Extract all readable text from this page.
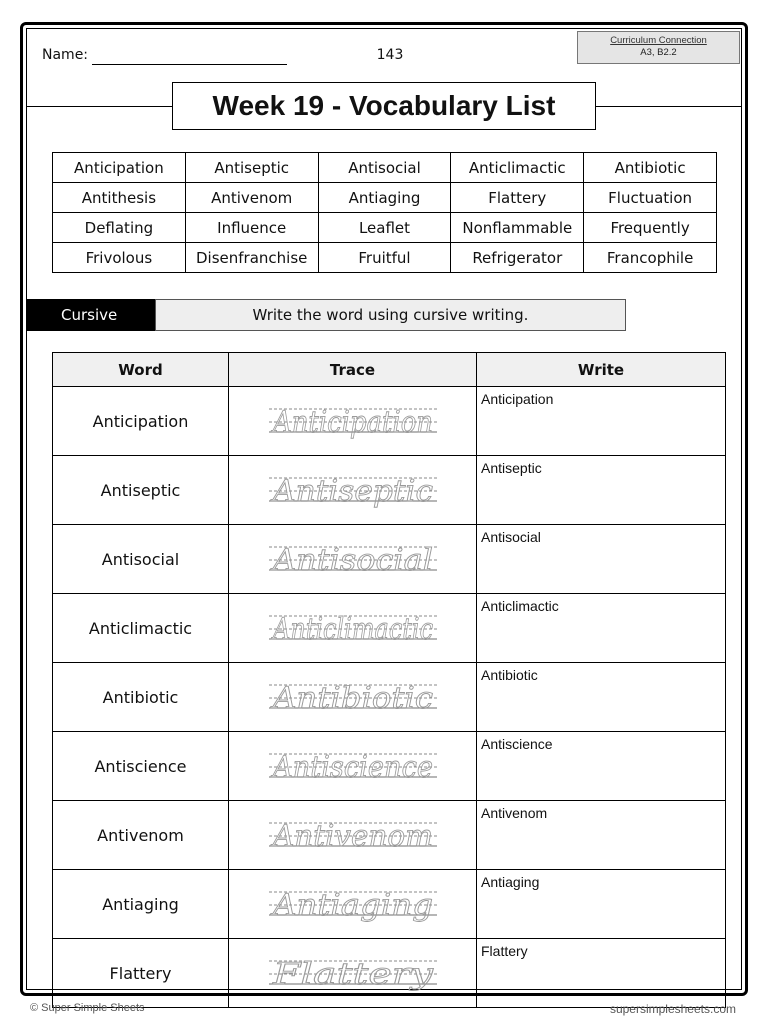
Name:	143
Curriculum Connection
A3, B2.2
Week 19 - Vocabulary List
Anticipation	Antiseptic	Antisocial	Anticlimactic	Antibiotic
Antithesis	Antivenom	Antiaging	Flattery	Fluctuation
Deflating	Influence	Leaflet	Nonflammable	Frequently
Frivolous	Disenfranchise	Fruitful	Refrigerator	Francophile
Cursive	Write the word using cursive writing.
Word	Trace	Write
Anticipation	Anticipation	Anticipation
Antiseptic	Antiseptic	Antiseptic
Antisocial	Antisocial	Antisocial
Anticlimactic	Anticlimactic	Anticlimactic
Antibiotic	Antibiotic	Antibiotic
Antiscience	Antiscience	Antiscience
Antivenom	Antivenom	Antivenom
Antiaging	Antiaging	Antiaging
Flattery	Flattery	Flattery
© Super Simple Sheets	supersimplesheets.com
